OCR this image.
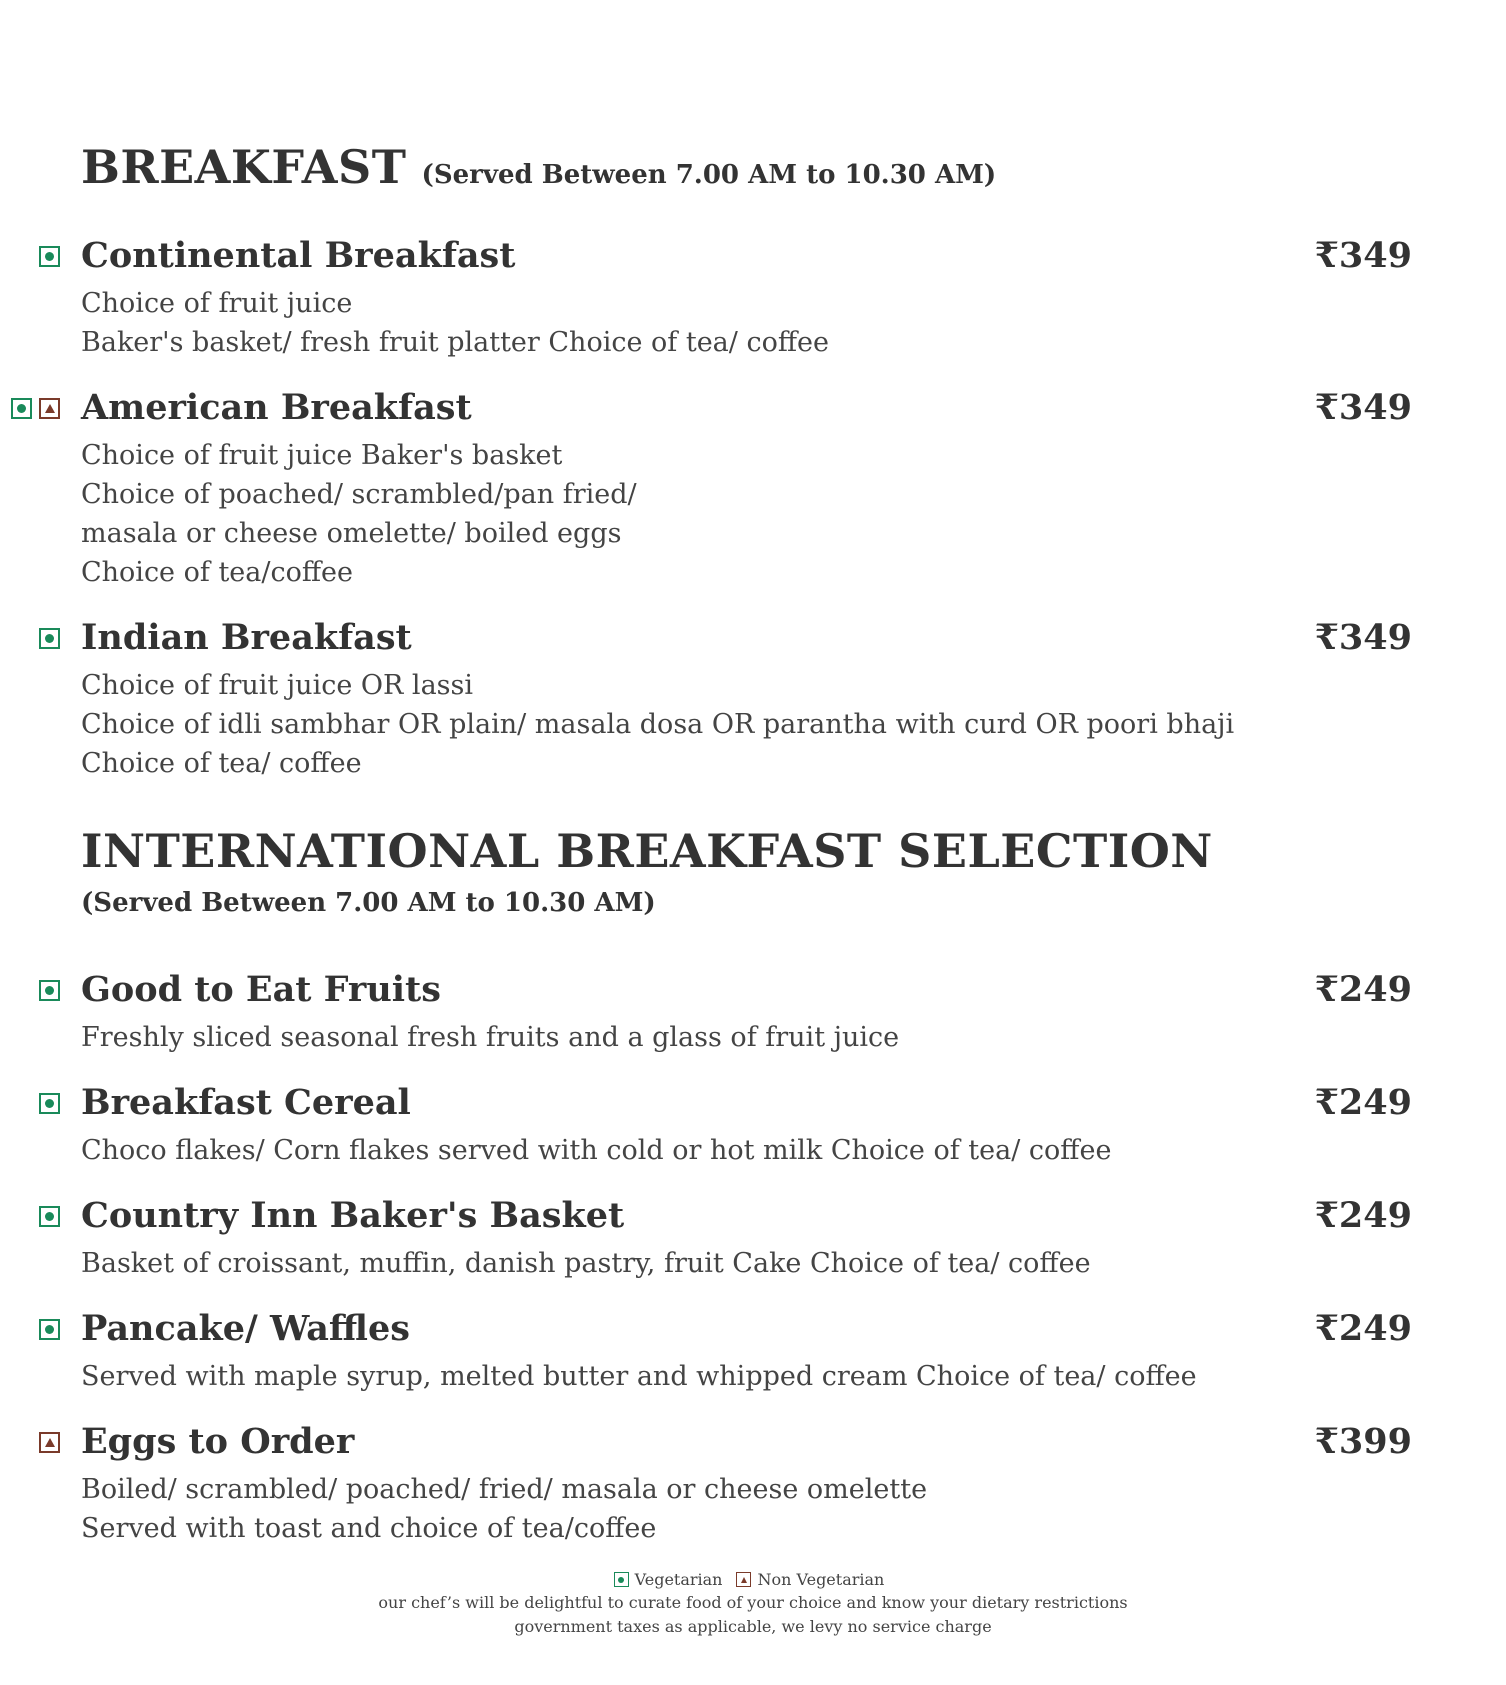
BREAKFAST (Served Between 7.00 AM to 10.30 AM)
INTERNATIONAL BREAKFAST SELECTION
(Served Between 7.00 AM to 10.30 AM)
Continental Breakfast	₹349
Choice of fruit juice
Baker's basket/ fresh fruit platter Choice of tea/ coffee
American Breakfast	₹349
Choice of fruit juice Baker's basket
Choice of poached/ scrambled/pan fried/
masala or cheese omelette/ boiled eggs
Choice of tea/coffee
Indian Breakfast	₹349
Choice of fruit juice OR lassi
Choice of idli sambhar OR plain/ masala dosa OR parantha with curd OR poori bhaji
Choice of tea/ coffee
Good to Eat Fruits	₹249
Freshly sliced seasonal fresh fruits and a glass of fruit juice
Breakfast Cereal	₹249
Choco flakes/ Corn flakes served with cold or hot milk Choice of tea/ coffee
Country Inn Baker's Basket	₹249
Basket of croissant, muffin, danish pastry, fruit Cake Choice of tea/ coffee
Pancake/ Waffles	₹249
Served with maple syrup, melted butter and whipped cream Choice of tea/ coffee
Eggs to Order	₹399
Boiled/ scrambled/ poached/ fried/ masala or cheese omelette
Served with toast and choice of tea/coffee
Vegetarian Non Vegetarian
our chef’s will be delightful to curate food of your choice and know your dietary restrictions
government taxes as applicable, we levy no service charge
